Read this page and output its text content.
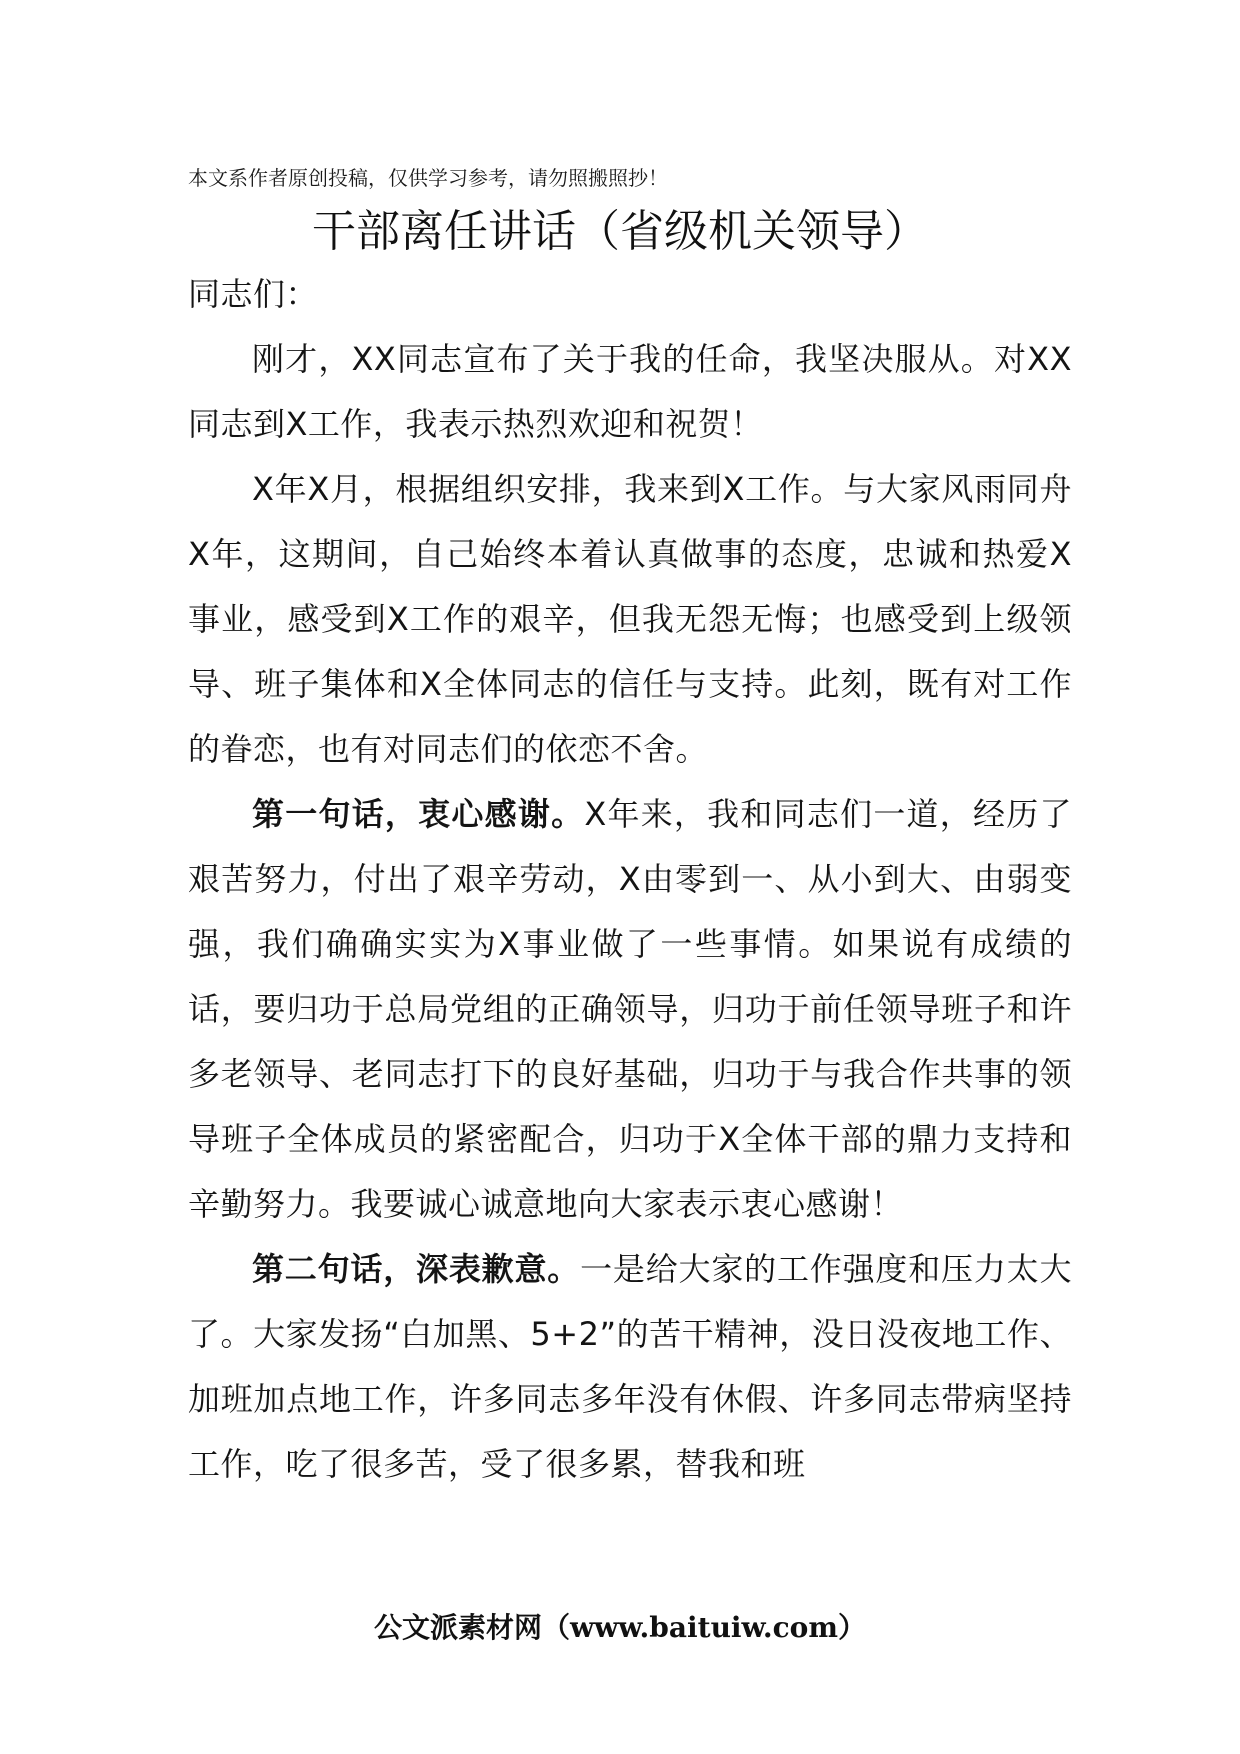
本文系作者原创投稿，仅供学习参考，请勿照搬照抄！
干部离任讲话（省级机关领导）

同志们：

刚才，XX同志宣布了关于我的任命，我坚决服从。对XX同志到X工作，我表示热烈欢迎和祝贺！

X年X月，根据组织安排，我来到X工作。与大家风雨同舟X年，这期间，自己始终本着认真做事的态度，忠诚和热爱X事业，感受到X工作的艰辛，但我无怨无悔；也感受到上级领导、班子集体和X全体同志的信任与支持。此刻，既有对工作的眷恋，也有对同志们的依恋不舍。

第一句话，衷心感谢。X年来，我和同志们一道，经历了艰苦努力，付出了艰辛劳动，X由零到一、从小到大、由弱变强，我们确确实实为X事业做了一些事情。如果说有成绩的话，要归功于总局党组的正确领导，归功于前任领导班子和许多老领导、老同志打下的良好基础，归功于与我合作共事的领导班子全体成员的紧密配合，归功于X全体干部的鼎力支持和辛勤努力。我要诚心诚意地向大家表示衷心感谢！

第二句话，深表歉意。一是给大家的工作强度和压力太大了。大家发扬“白加黑、5+2”的苦干精神，没日没夜地工作、加班加点地工作，许多同志多年没有休假、许多同志带病坚持工作，吃了很多苦，受了很多累，替我和班

公文派素材网（www.baituiw.com）
